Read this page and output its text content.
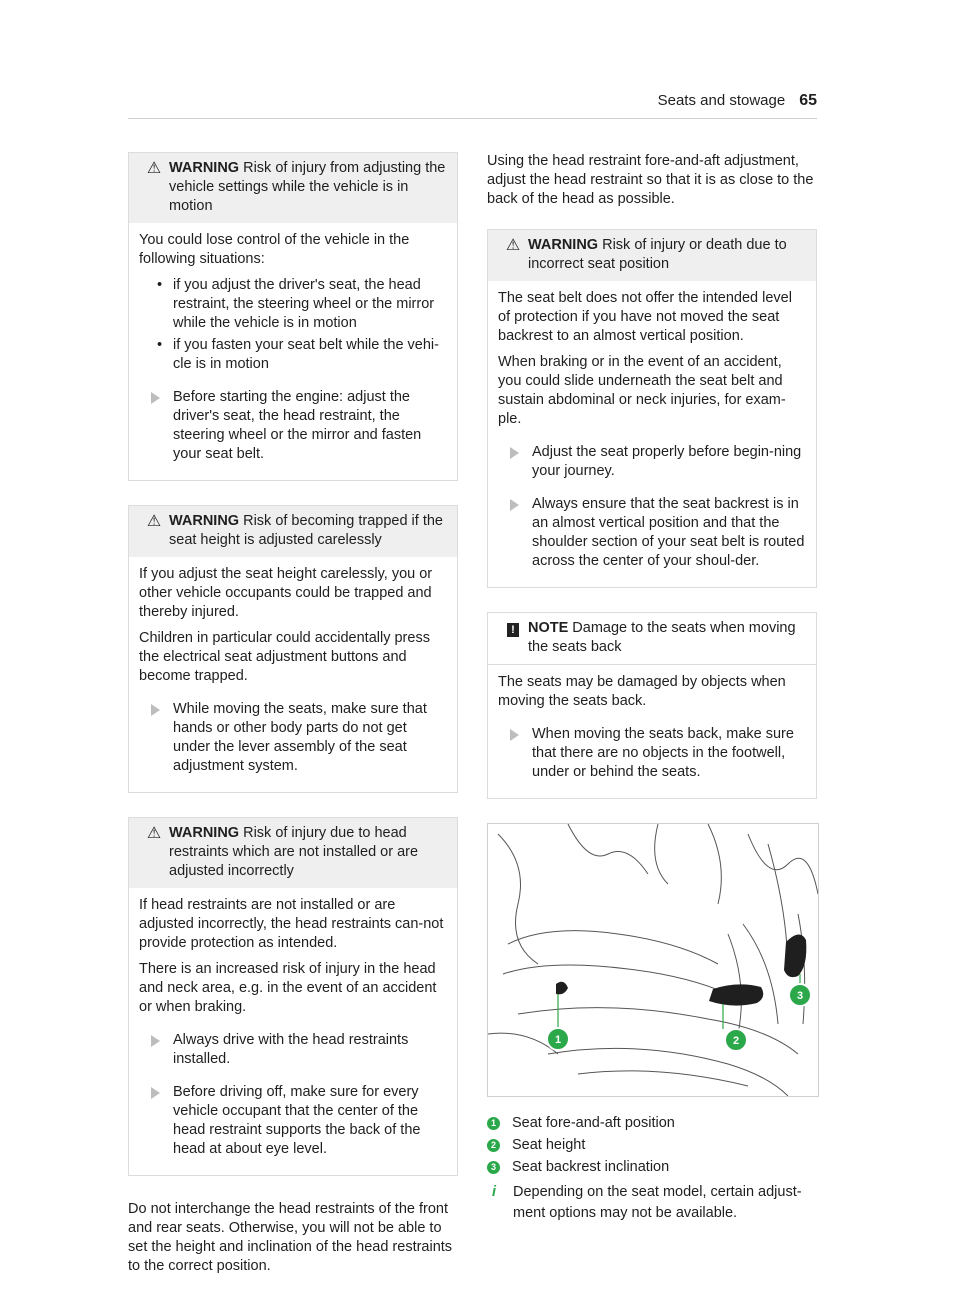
Seats and stowage 65
⚠ WARNING Risk of injury from adjusting the vehicle settings while the vehicle is in motion

You could lose control of the vehicle in the following situations:

• if you adjust the driver's seat, the head restraint, the steering wheel or the mirror while the vehicle is in motion
• if you fasten your seat belt while the vehi-cle is in motion
Before starting the engine: adjust the driver's seat, the head restraint, the steering wheel or the mirror and fasten your seat belt.
⚠ WARNING Risk of becoming trapped if the seat height is adjusted carelessly

If you adjust the seat height carelessly, you or other vehicle occupants could be trapped and thereby injured.

Children in particular could accidentally press the electrical seat adjustment buttons and become trapped.

While moving the seats, make sure that hands or other body parts do not get under the lever assembly of the seat adjustment system.
⚠ WARNING Risk of injury due to head restraints which are not installed or are adjusted incorrectly

If head restraints are not installed or are adjusted incorrectly, the head restraints can-not provide protection as intended.

There is an increased risk of injury in the head and neck area, e.g. in the event of an accident or when braking.

Always drive with the head restraints installed.
Before driving off, make sure for every vehicle occupant that the center of the head restraint supports the back of the head at about eye level.

Do not interchange the head restraints of the front and rear seats. Otherwise, you will not be able to set the height and inclination of the head restraints to the correct position.

Using the head restraint fore-and-aft adjustment, adjust the head restraint so that it is as close to the back of the head as possible.

⚠ WARNING Risk of injury or death due to incorrect seat position

The seat belt does not offer the intended level of protection if you have not moved the seat backrest to an almost vertical position.

When braking or in the event of an accident, you could slide underneath the seat belt and sustain abdominal or neck injuries, for exam-ple.

Adjust the seat properly before begin-ning your journey.
Always ensure that the seat backrest is in an almost vertical position and that the shoulder section of your seat belt is routed across the center of your shoul-der.
! NOTE Damage to the seats when moving the seats back

The seats may be damaged by objects when moving the seats back.

When moving the seats back, make sure that there are no objects in the footwell, under or behind the seats.
1	2
3
1 Seat fore-and-aft position
2 Seat height
3 Seat backrest inclination
i	Depending on the seat model, certain adjust-ment options may not be available.
